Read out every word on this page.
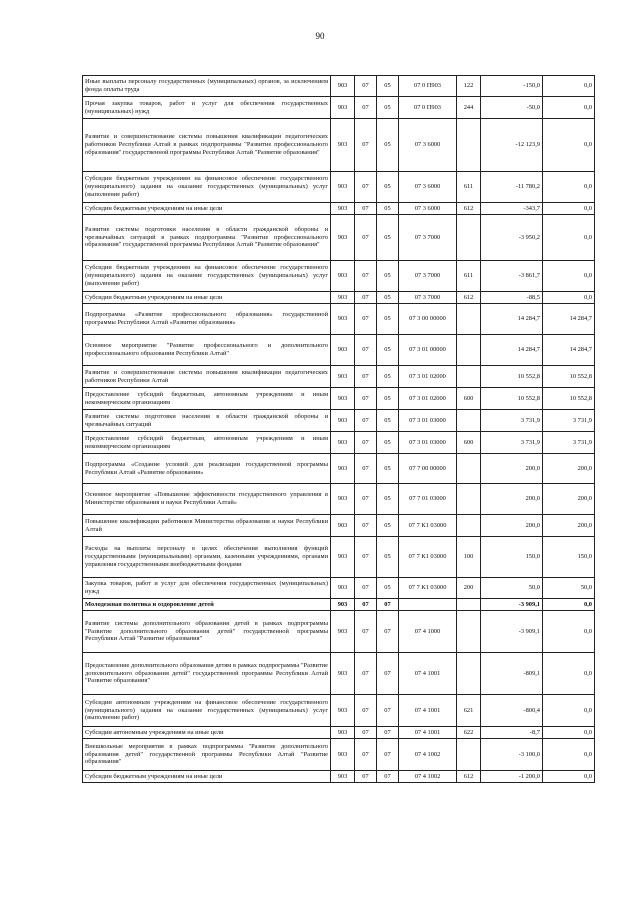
90
Иные выплаты персоналу государственных (муниципальных) органов, за исключением фонда оплаты труда	903	07	05	07 0 П903	122	-150,0	0,0
Прочая закупка товаров, работ и услуг для обеспечения государственных (муниципальных) нужд	903	07	05	07 0 П903	244	-50,0	0,0
Развитие и совершенствование системы повышения квалификации педагогических работников Республики Алтай в рамках подпрограммы "Развитие профессионального образования" государственной программы Республики Алтай "Развитие образования"	903	07	05	07 3 6000		-12 123,9	0,0
Субсидии бюджетным учреждениям на финансовое обеспечение государственного (муниципального) задания на оказание государственных (муниципальных) услуг (выполнение работ)	903	07	05	07 3 6000	611	-11 780,2	0,0
Субсидии бюджетным учреждениям на иные цели	903	07	05	07 3 6000	612	-343,7	0,0
Развитие системы подготовки населения в области гражданской обороны и чрезвычайных ситуаций в рамках подпрограммы "Развитие профессионального образования" государственной программы Республики Алтай "Развитие образования"	903	07	05	07 3 7000		-3 950,2	0,0
Субсидии бюджетным учреждениям на финансовое обеспечение государственного (муниципального) задания на оказание государственных (муниципальных) услуг (выполнение работ)	903	07	05	07 3 7000	611	-3 861,7	0,0
Субсидии бюджетным учреждениям на иные цели	903	07	05	07 3 7000	612	-88,5	0,0
Подпрограмма «Развитие профессионального образования» государственной программы Республики Алтай «Развитие образования»	903	07	05	07 3 00 00000		14 284,7	14 284,7
Основное мероприятие "Развитие профессионального и дополнительного профессионального образования Республики Алтай"	903	07	05	07 3 01 00000		14 284,7	14 284,7
Развитие и совершенствование системы повышения квалификации педагогических работников Республики Алтай	903	07	05	07 3 01 02000		10 552,8	10 552,8
Предоставление субсидий бюджетным, автономным учреждениям и иным некоммерческим организациям	903	07	05	07 3 01 02000	600	10 552,8	10 552,8
Развитие системы подготовки населения в области гражданской обороны и чрезвычайных ситуаций	903	07	05	07 3 01 03000		3 731,9	3 731,9
Предоставление субсидий бюджетным, автономным учреждениям и иным некоммерческим организациям	903	07	05	07 3 01 03000	600	3 731,9	3 731,9
Подпрограмма «Создание условий для реализации государственной программы Республики Алтай «Развитие образования»	903	07	05	07 7 00 00000		200,0	200,0
Основное мероприятие «Повышение эффективности государственного управления в Министерстве образования и науки Республики Алтай»	903	07	05	07 7 01 03000		200,0	200,0
Повышение квалификации работников Министерства образования и науки Республики Алтай	903	07	05	07 7 К1 03000		200,0	200,0
Расходы на выплаты персоналу в целях обеспечения выполнения функций государственными (муниципальными) органами, казенными учреждениями, органами управления государственными внебюджетными фондами	903	07	05	07 7 К1 03000	100	150,0	150,0
Закупка товаров, работ и услуг для обеспечения государственных (муниципальных) нужд	903	07	05	07 7 К1 03000	200	50,0	50,0
Молодежная политика и оздоровление детей	903	07	07			-3 909,1	0,0
Развитие системы дополнительного образования детей в рамках подпрограммы "Развитие дополнительного образования детей" государственной программы Республики Алтай "Развитие образования"	903	07	07	07 4 1000		-3 909,1	0,0
Предоставление дополнительного образования детям в рамках подпрограммы "Развитие дополнительного образования детей" государственной программы Республики Алтай "Развитие образования"	903	07	07	07 4 1001		-809,1	0,0
Субсидии автономным учреждениям на финансовое обеспечение государственного (муниципального) задания на оказание государственных (муниципальных) услуг (выполнение работ)	903	07	07	07 4 1001	621	-800,4	0,0
Субсидии автономным учреждениям на иные цели	903	07	07	07 4 1001	622	-8,7	0,0
Внешкольные мероприятия в рамках подпрограммы "Развитие дополнительного образования детей" государственной программы Республики Алтай "Развитие образования"	903	07	07	07 4 1002		-3 100,0	0,0
Субсидии бюджетным учреждениям на иные цели	903	07	07	07 4 1002	612	-1 200,0	0,0
